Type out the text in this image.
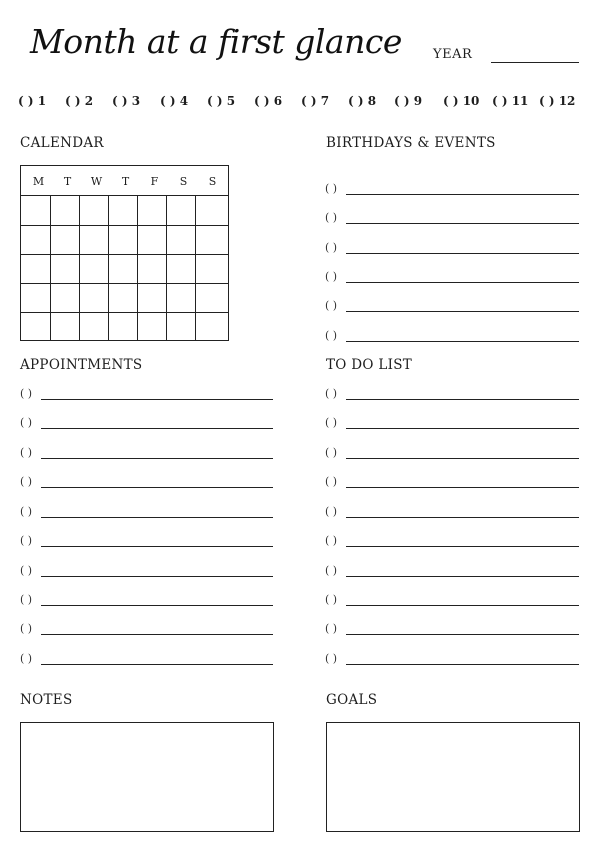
Month at a first glance YEAR
( ) 1 ( ) 2 ( ) 3 ( ) 4 ( ) 5 ( ) 6 ( ) 7 ( ) 8 ( ) 9 ( ) 10 ( ) 11 ( ) 12
CALENDAR
M	T	W	T	F	S	S
BIRTHDAYS & EVENTS
( )
( )
( )
( )
( )
( )
APPOINTMENTS
( )
( )
( )
( )
( )
( )
( )
( )
( )
( )
TO DO LIST
( )
( )
( )
( )
( )
( )
( )
( )
( )
( )
NOTES	GOALS
